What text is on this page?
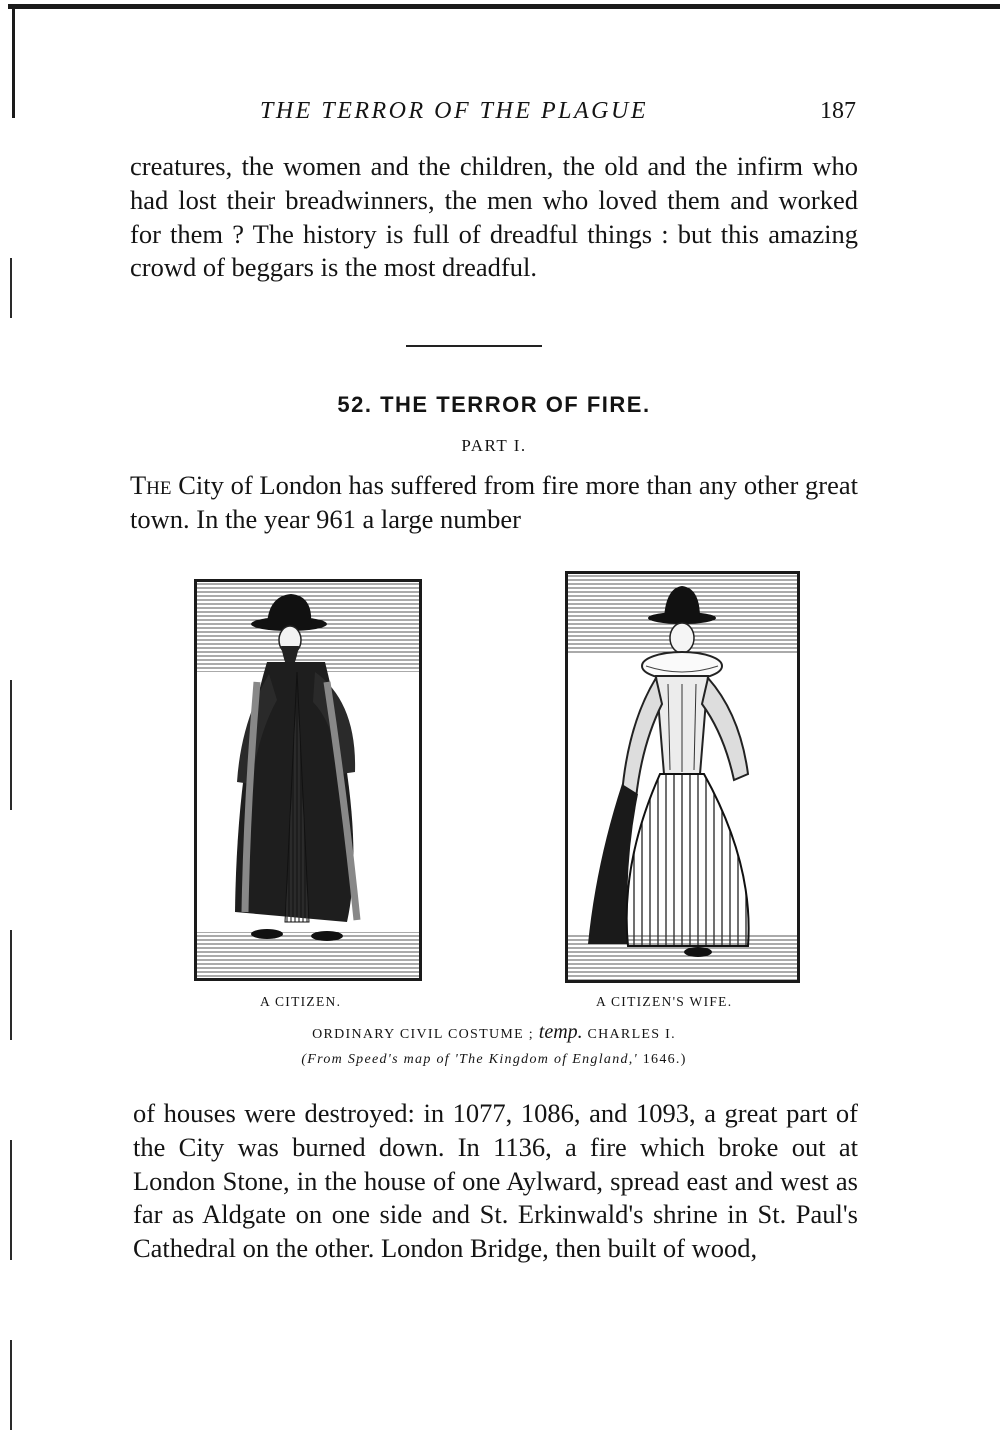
THE TERROR OF THE PLAGUE	187

creatures, the women and the children, the old and the infirm who had lost their breadwinners, the men who loved them and worked for them ? The history is full of dreadful things : but this amazing crowd of beggars is the most dreadful.

52. THE TERROR OF FIRE.
PART I.

The City of London has suffered from fire more than any other great town. In the year 961 a large number

A CITIZEN.	A CITIZEN'S WIFE.
ORDINARY CIVIL COSTUME ; temp. CHARLES I.
(From Speed's map of 'The Kingdom of England,' 1646.)

of houses were destroyed: in 1077, 1086, and 1093, a great part of the City was burned down. In 1136, a fire which broke out at London Stone, in the house of one Aylward, spread east and west as far as Aldgate on one side and St. Erkinwald's shrine in St. Paul's Cathedral on the other. London Bridge, then built of wood,
